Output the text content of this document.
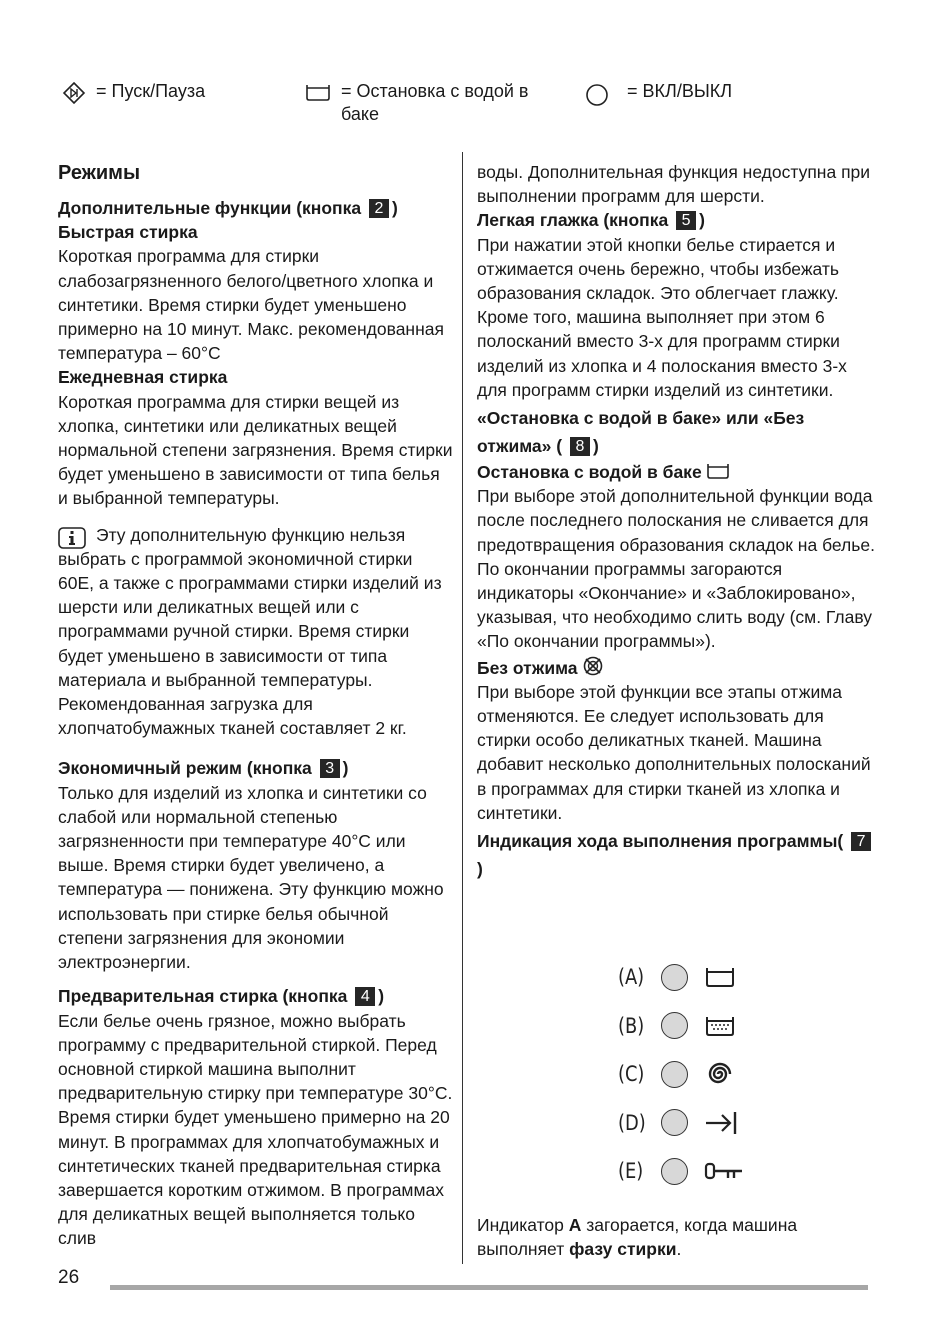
= Пуск/Пауза	= Остановка с водой в баке
= ВКЛ/ВЫКЛ
Режимы

Дополнительные функции (кнопка 2 )

Быстрая стирка

Короткая программа для стирки слабозагрязненного белого/цветного хлопка и синтетики. Время стирки будет уменьшено примерно на 10 минут. Макс. рекомендованная температура – 60°C

Ежедневная стирка

Короткая программа для стирки вещей из хлопка, синтетики или деликатных вещей нормальной степени загрязнения. Время стирки будет уменьшено в зависимости от типа белья и выбранной температуры.

Эту дополнительную функцию нельзя выбрать с программой экономичной стирки 60E, а также с программами стирки изделий из шерсти или деликатных вещей или с программами ручной стирки. Время стирки будет уменьшено в зависимости от типа материала и выбранной температуры. Рекомендованная загрузка для хлопчатобумажных тканей составляет 2 кг.

Экономичный режим (кнопка 3 )

Только для изделий из хлопка и синтетики со слабой или нормальной степенью загрязненности при температуре 40°C или выше. Время стирки будет увеличено, а температура — понижена. Эту функцию можно использовать при стирке белья обычной степени загрязнения для экономии электроэнергии.

Предварительная стирка (кнопка 4 )

Если белье очень грязное, можно выбрать программу с предварительной стиркой. Перед основной стиркой машина выполнит предварительную стирку при температуре 30°C. Время стирки будет уменьшено примерно на 20 минут. В программах для хлопчатобумажных и синтетических тканей предварительная стирка завершается коротким отжимом. В программах для деликатных вещей выполняется только слив

воды. Дополнительная функция недоступна при выполнении программ для шерсти.

Легкая глажка (кнопка 5 )

При нажатии этой кнопки белье стирается и отжимается очень бережно, чтобы избежать образования складок. Это облегчает глажку. Кроме того, машина выполняет при этом 6 полосканий вместо 3-х для программ стирки изделий из хлопка и 4 полоскания вместо 3-х для программ стирки изделий из синтетики.

«Остановка с водой в баке» или «Без отжима» ( 8 )

Остановка с водой в баке

При выборе этой дополнительной функции вода после последнего полоскания не сливается для предотвращения образования складок на белье. По окончании программы загораются индикаторы «Окончание» и «Заблокировано», указывая, что необходимо слить воду (см. Главу «По окончании программы»).

Без отжима

При выборе этой функции все этапы отжима отменяются. Ее следует использовать для стирки особо деликатных тканей. Машина добавит несколько дополнительных полосканий в программах для стирки тканей из хлопка и синтетики.

Индикация хода выполнения программы( 7)

(A)
(B)
(C)
(D)
(E)

Индикатор A загорается, когда машина выполняет фазу стирки.

26
